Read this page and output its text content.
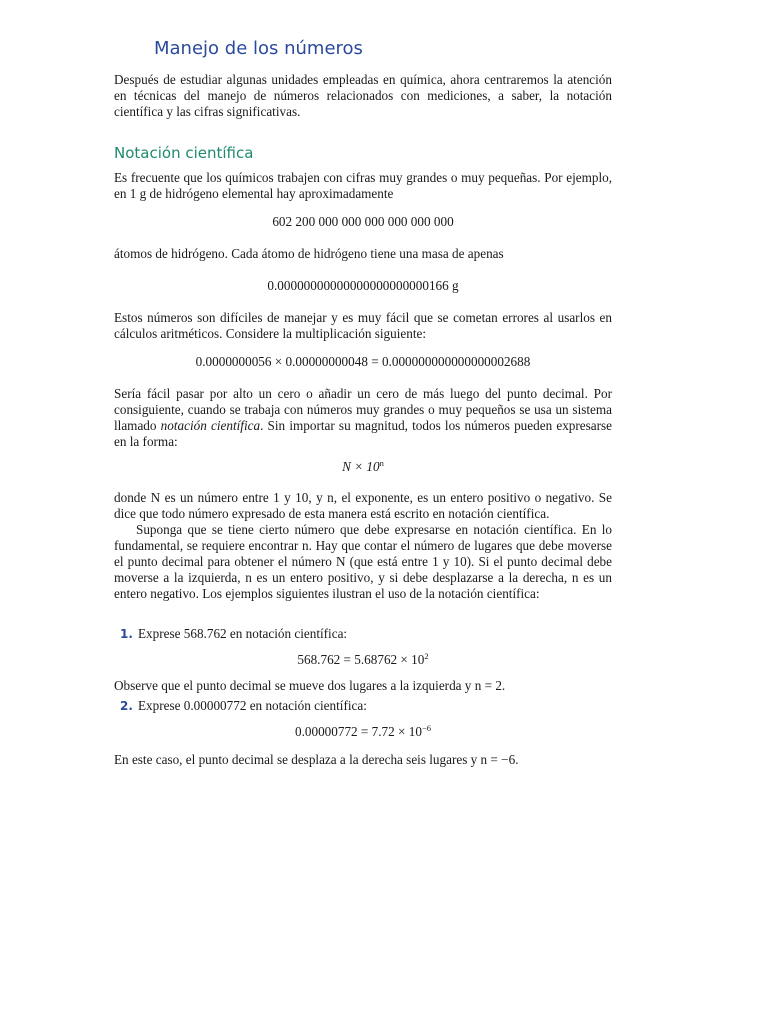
Manejo de los números

Después de estudiar algunas unidades empleadas en química, ahora centraremos la atención en técnicas del manejo de números relacionados con mediciones, a saber, la notación científica y las cifras significativas.

Notación científica

Es frecuente que los químicos trabajen con cifras muy grandes o muy pequeñas. Por ejemplo, en 1 g de hidrógeno elemental hay aproximadamente

602 200 000 000 000 000 000 000

átomos de hidrógeno. Cada átomo de hidrógeno tiene una masa de apenas

0.00000000000000000000000166 g

Estos números son difíciles de manejar y es muy fácil que se cometan errores al usarlos en cálculos aritméticos. Considere la multiplicación siguiente:

0.0000000056 × 0.00000000048 = 0.000000000000000002688

Sería fácil pasar por alto un cero o añadir un cero de más luego del punto decimal. Por consiguiente, cuando se trabaja con números muy grandes o muy pequeños se usa un sistema llamado notación científica. Sin importar su magnitud, todos los números pueden expresarse en la forma:

$N \times 10^n$

donde N es un número entre 1 y 10, y n, el exponente, es un entero positivo o negativo. Se dice que todo número expresado de esta manera está escrito en notación científica.

Suponga que se tiene cierto número que debe expresarse en notación científica. En lo fundamental, se requiere encontrar n. Hay que contar el número de lugares que debe moverse el punto decimal para obtener el número N (que está entre 1 y 10). Si el punto decimal debe moverse a la izquierda, n es un entero positivo, y si debe desplazarse a la derecha, n es un entero negativo. Los ejemplos siguientes ilustran el uso de la notación científica:

1. Exprese 568.762 en notación científica:

$568.762 = 5.68762 \times 10^2$

Observe que el punto decimal se mueve dos lugares a la izquierda y n = 2.

2. Exprese 0.00000772 en notación científica:

$0.00000772 = 7.72 \times 10^{-6}$

En este caso, el punto decimal se desplaza a la derecha seis lugares y n = −6.
